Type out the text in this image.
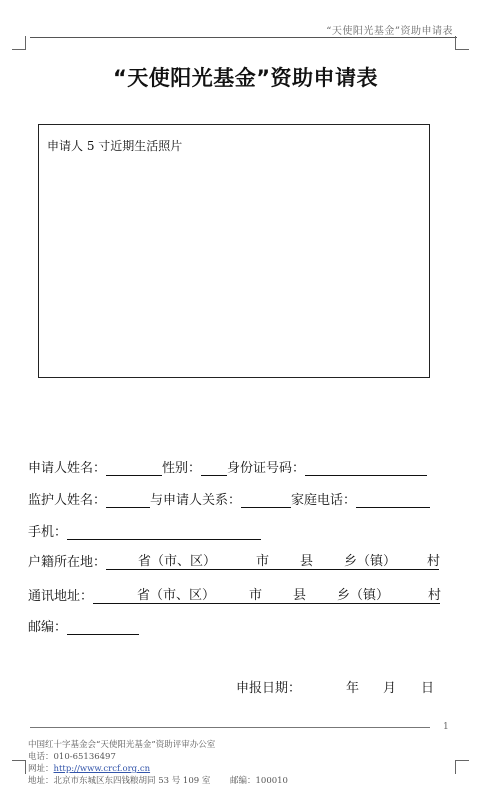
“天使阳光基金”资助申请表
“天使阳光基金”资助申请表
申请人 5 寸近期生活照片
申请人姓名：	性别： 身份证号码：
监护人姓名：	与申请人关系：	家庭电话：
手机：
户籍所在地： 省（市、区）	市 县 乡（镇） 村
通讯地址：	省（市、区）	市 县 乡（镇）	村
邮编：
申报日期：	年 月 日
1
中国红十字基金会“天使阳光基金”资助评审办公室
电话：010-65136497
网址：http://www.crcf.org.cn
地址：北京市东城区东四钱粮胡同 53 号 109 室 邮编：100010
